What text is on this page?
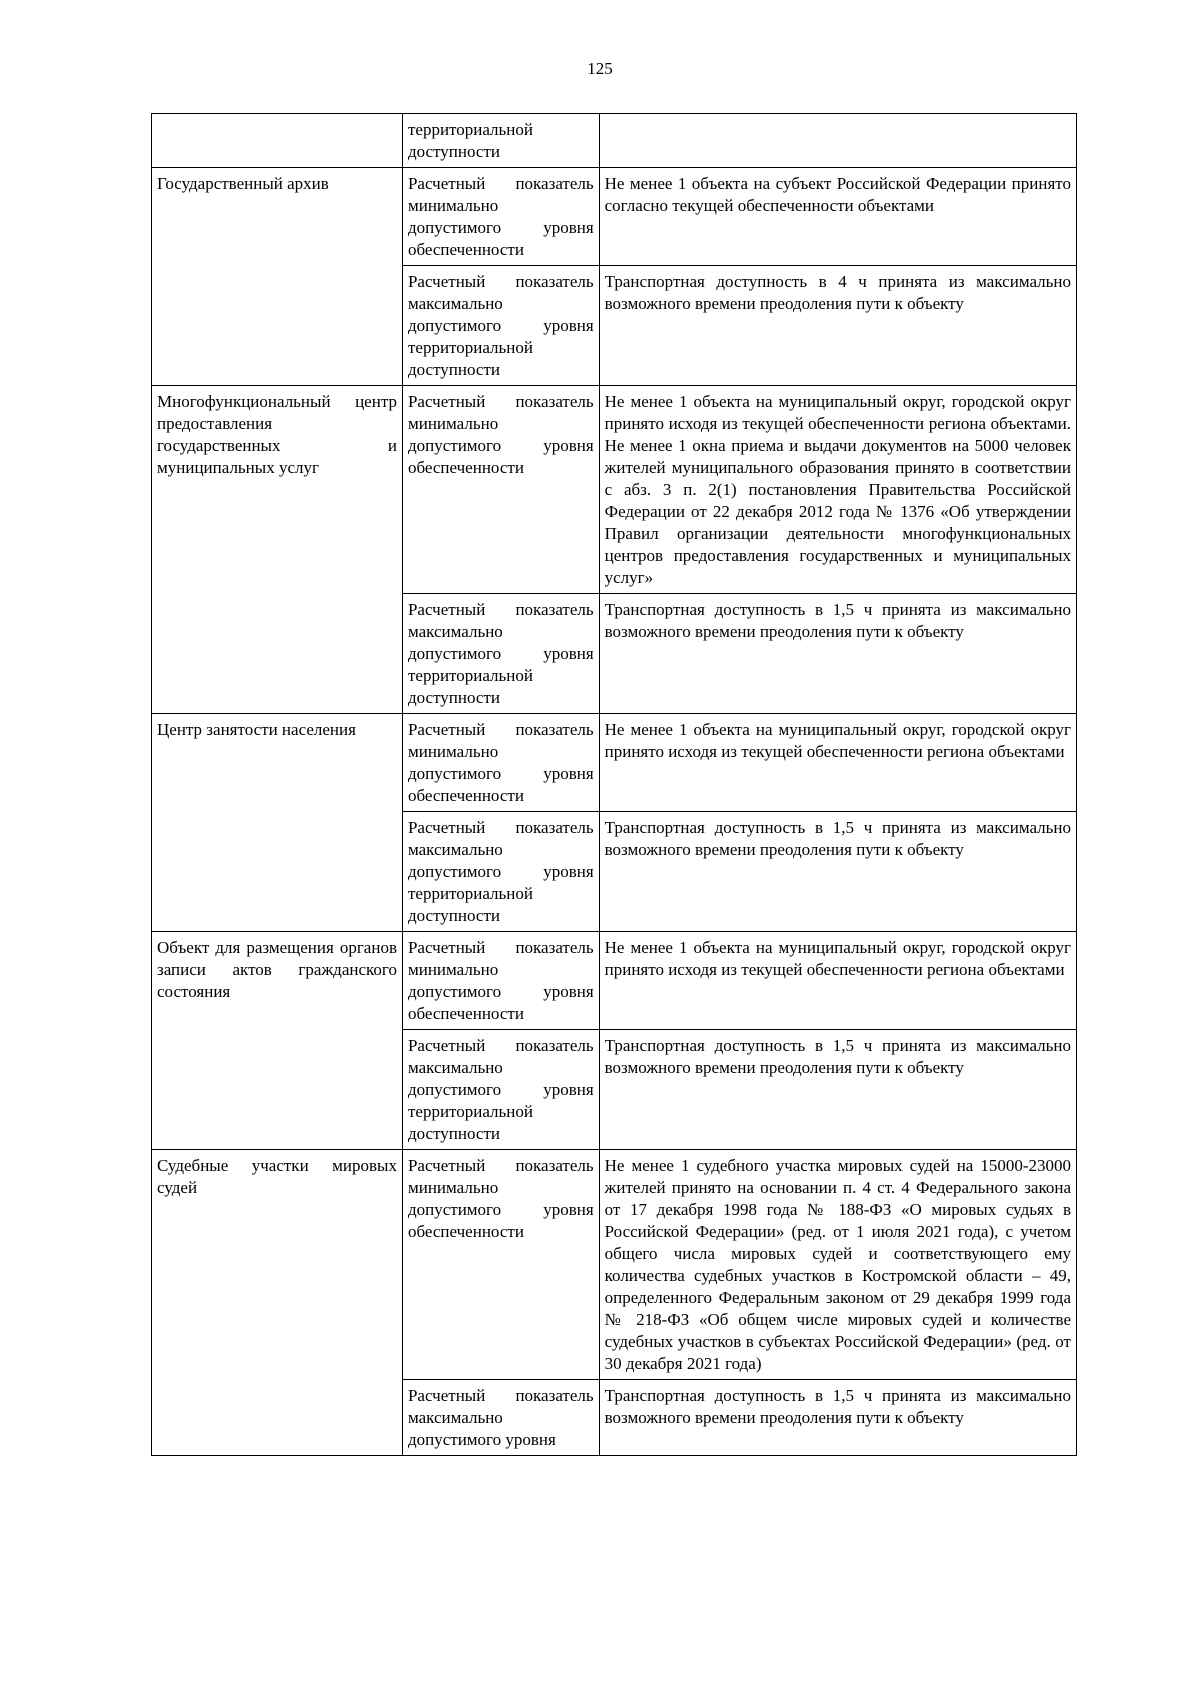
125

	территориальной доступности	

Государственный архив	Расчетный показатель минимально допустимого уровня обеспеченности	Не менее 1 объекта на субъект Российской Федерации принято согласно текущей обеспеченности объектами

	Расчетный показатель максимально допустимого уровня территориальной доступности	Транспортная доступность в 4 ч принята из максимально возможного времени преодоления пути к объекту

Многофункциональный центр предоставления государственных и муниципальных услуг	Расчетный показатель минимально допустимого уровня обеспеченности	Не менее 1 объекта на муниципальный округ, городской округ принято исходя из текущей обеспеченности региона объектами. Не менее 1 окна приема и выдачи документов на 5000 человек жителей муниципального образования принято в соответствии с абз. 3 п. 2(1) постановления Правительства Российской Федерации от 22 декабря 2012 года № 1376 «Об утверждении Правил организации деятельности многофункциональных центров предоставления государственных и муниципальных услуг»

	Расчетный показатель максимально допустимого уровня территориальной доступности	Транспортная доступность в 1,5 ч принята из максимально возможного времени преодоления пути к объекту

Центр занятости населения	Расчетный показатель минимально допустимого уровня обеспеченности	Не менее 1 объекта на муниципальный округ, городской округ принято исходя из текущей обеспеченности региона объектами

	Расчетный показатель максимально допустимого уровня территориальной доступности	Транспортная доступность в 1,5 ч принята из максимально возможного времени преодоления пути к объекту

Объект для размещения органов записи актов гражданского состояния	Расчетный показатель минимально допустимого уровня обеспеченности	Не менее 1 объекта на муниципальный округ, городской округ принято исходя из текущей обеспеченности региона объектами

	Расчетный показатель максимально допустимого уровня территориальной доступности	Транспортная доступность в 1,5 ч принята из максимально возможного времени преодоления пути к объекту

Судебные участки мировых судей	Расчетный показатель минимально допустимого уровня обеспеченности	Не менее 1 судебного участка мировых судей на 15000-23000 жителей принято на основании п. 4 ст. 4 Федерального закона от 17 декабря 1998 года № 188-ФЗ «О мировых судьях в Российской Федерации» (ред. от 1 июля 2021 года), с учетом общего числа мировых судей и соответствующего ему количества судебных участков в Костромской области – 49, определенного Федеральным законом от 29 декабря 1999 года № 218-ФЗ «Об общем числе мировых судей и количестве судебных участков в субъектах Российской Федерации» (ред. от 30 декабря 2021 года)

	Расчетный показатель максимально допустимого уровня	Транспортная доступность в 1,5 ч принята из максимально возможного времени преодоления пути к объекту
